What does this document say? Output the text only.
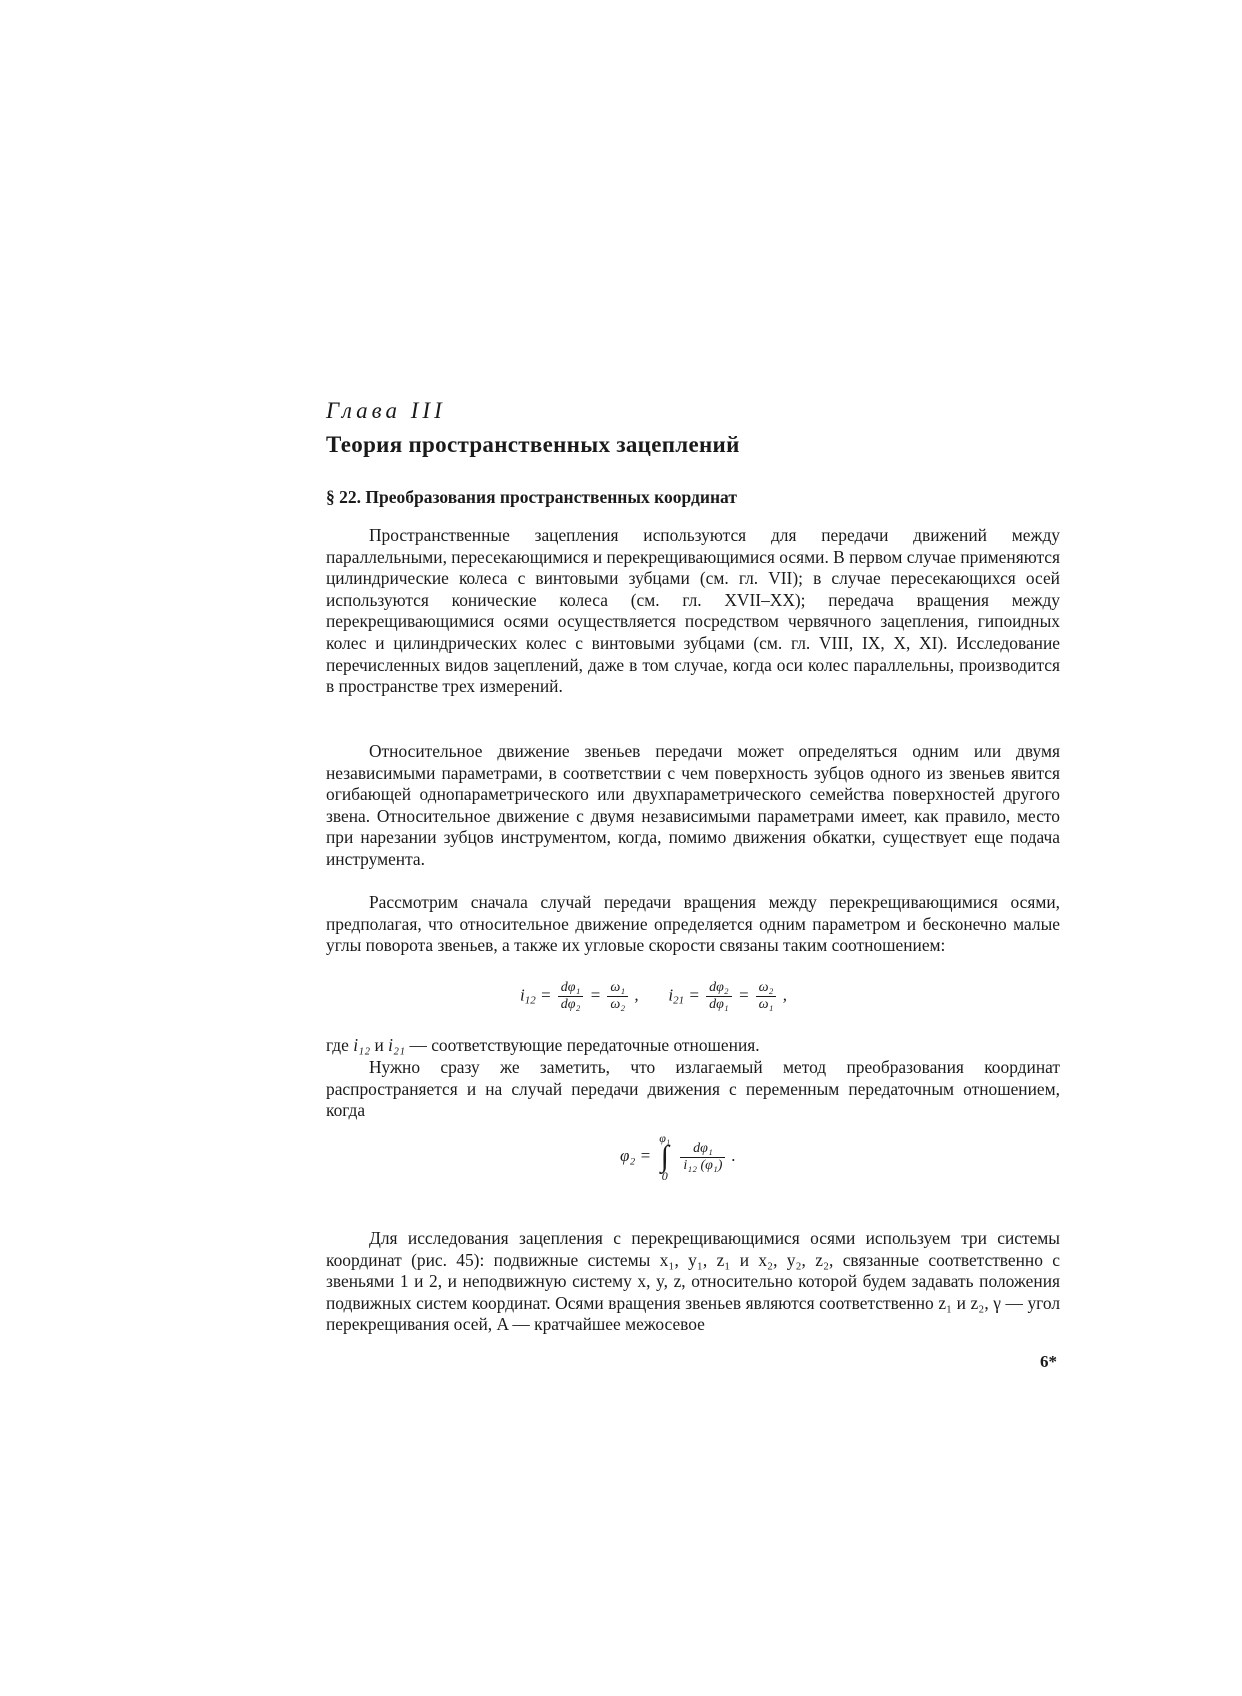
Глава III
Теория пространственных зацеплений
§ 22. Преобразования пространственных координат

Пространственные зацепления используются для передачи движений между параллельными, пересекающимися и перекрещивающимися осями. В первом случае применяются цилиндрические колеса с винтовыми зубцами (см. гл. VII); в случае пересекающихся осей используются конические колеса (см. гл. XVII–XX); передача вращения между перекрещивающимися осями осуществляется посредством червячного зацепления, гипоидных колес и цилиндрических колес с винтовыми зубцами (см. гл. VIII, IX, X, XI). Исследование перечисленных видов зацеплений, даже в том случае, когда оси колес параллельны, производится в пространстве трех измерений.

Относительное движение звеньев передачи может определяться одним или двумя независимыми параметрами, в соответствии с чем поверхность зубцов одного из звеньев явится огибающей однопараметрического или двухпараметрического семейства поверхностей другого звена. Относительное движение с двумя независимыми параметрами имеет, как правило, место при нарезании зубцов инструментом, когда, помимо движения обкатки, существует еще подача инструмента.

Рассмотрим сначала случай передачи вращения между перекрещивающимися осями, предполагая, что относительное движение определяется одним параметром и бесконечно малые углы поворота звеньев, а также их угловые скорости связаны таким соотношением:

$i_{12} = \frac{\text{dφ₁}}{\text{dφ₂}} = \frac{\text{ω₁}}{\text{ω₂}}$ ,       $i_{21} = \frac{\text{dφ₂}}{\text{dφ₁}} = \frac{\text{ω₂}}{\text{ω₁}}$ ,

где i₁₂ и i₂₁ — соответствующие передаточные отношения.

Нужно сразу же заметить, что излагаемый метод преобразования координат распространяется и на случай передачи движения с переменным передаточным отношением, когда

φ₂ =
φ₁
∫
0

$\frac{\text{dφ₁}}{\text{i₁₂ (φ₁)}}$ .

Для исследования зацепления с перекрещивающимися осями используем три системы координат (рис. 45): подвижные системы x₁, y₁, z₁ и x₂, y₂, z₂, связанные соответственно с звеньями 1 и 2, и неподвижную систему x, y, z, относительно которой будем задавать положения подвижных систем координат. Осями вращения звеньев являются соответственно z₁ и z₂, γ — угол перекрещивания осей, A — кратчайшее межосевое

6*
